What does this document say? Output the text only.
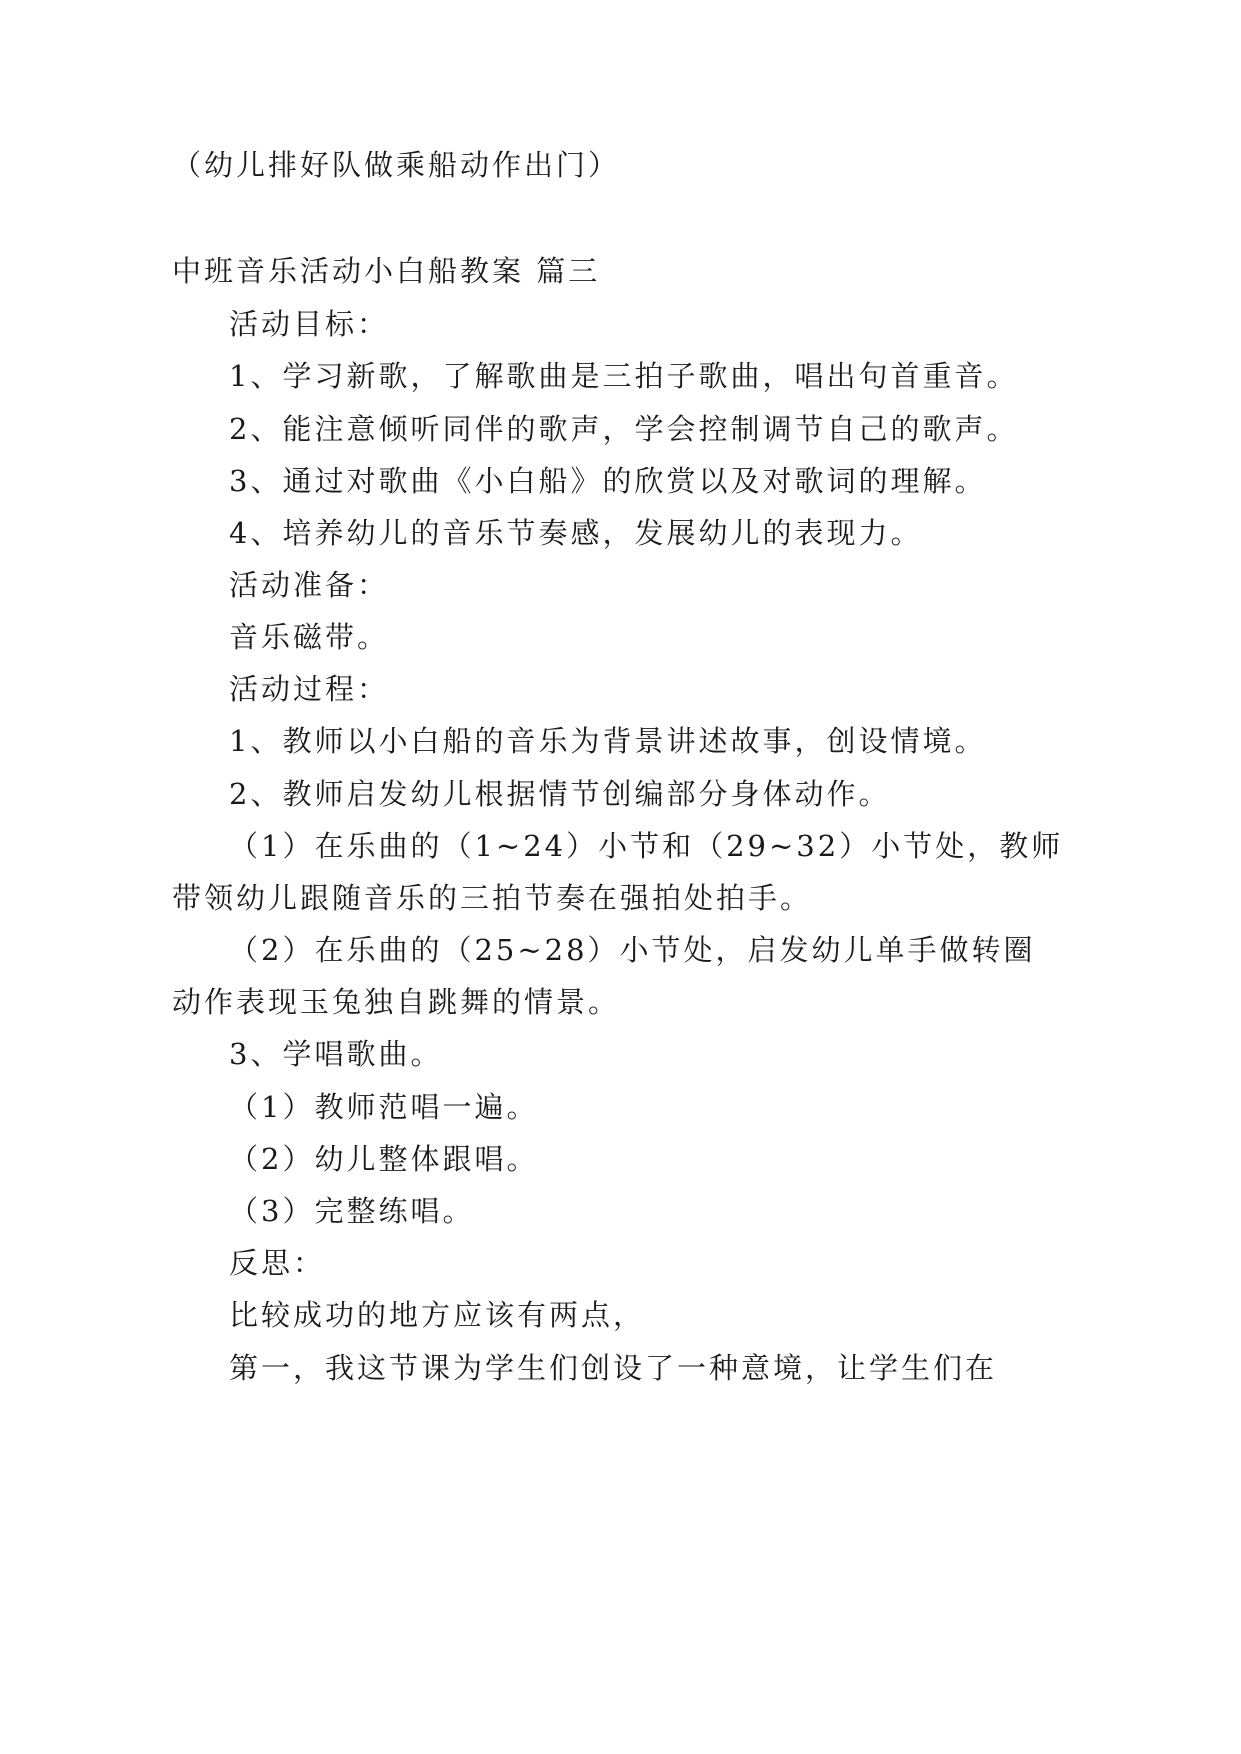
（幼儿排好队做乘船动作出门）
中班音乐活动小白船教案 篇三
活动目标：
1、学习新歌，了解歌曲是三拍子歌曲，唱出句首重音。
2、能注意倾听同伴的歌声，学会控制调节自己的歌声。
3、通过对歌曲《小白船》的欣赏以及对歌词的理解。
4、培养幼儿的音乐节奏感，发展幼儿的表现力。
活动准备：
音乐磁带。
活动过程：
1、教师以小白船的音乐为背景讲述故事，创设情境。
2、教师启发幼儿根据情节创编部分身体动作。
（1）在乐曲的（1~24）小节和（29~32）小节处，教师
带领幼儿跟随音乐的三拍节奏在强拍处拍手。
（2）在乐曲的（25~28）小节处，启发幼儿单手做转圈
动作表现玉兔独自跳舞的情景。
3、学唱歌曲。
（1）教师范唱一遍。
（2）幼儿整体跟唱。
（3）完整练唱。
反思：
比较成功的地方应该有两点，
第一，我这节课为学生们创设了一种意境，让学生们在
